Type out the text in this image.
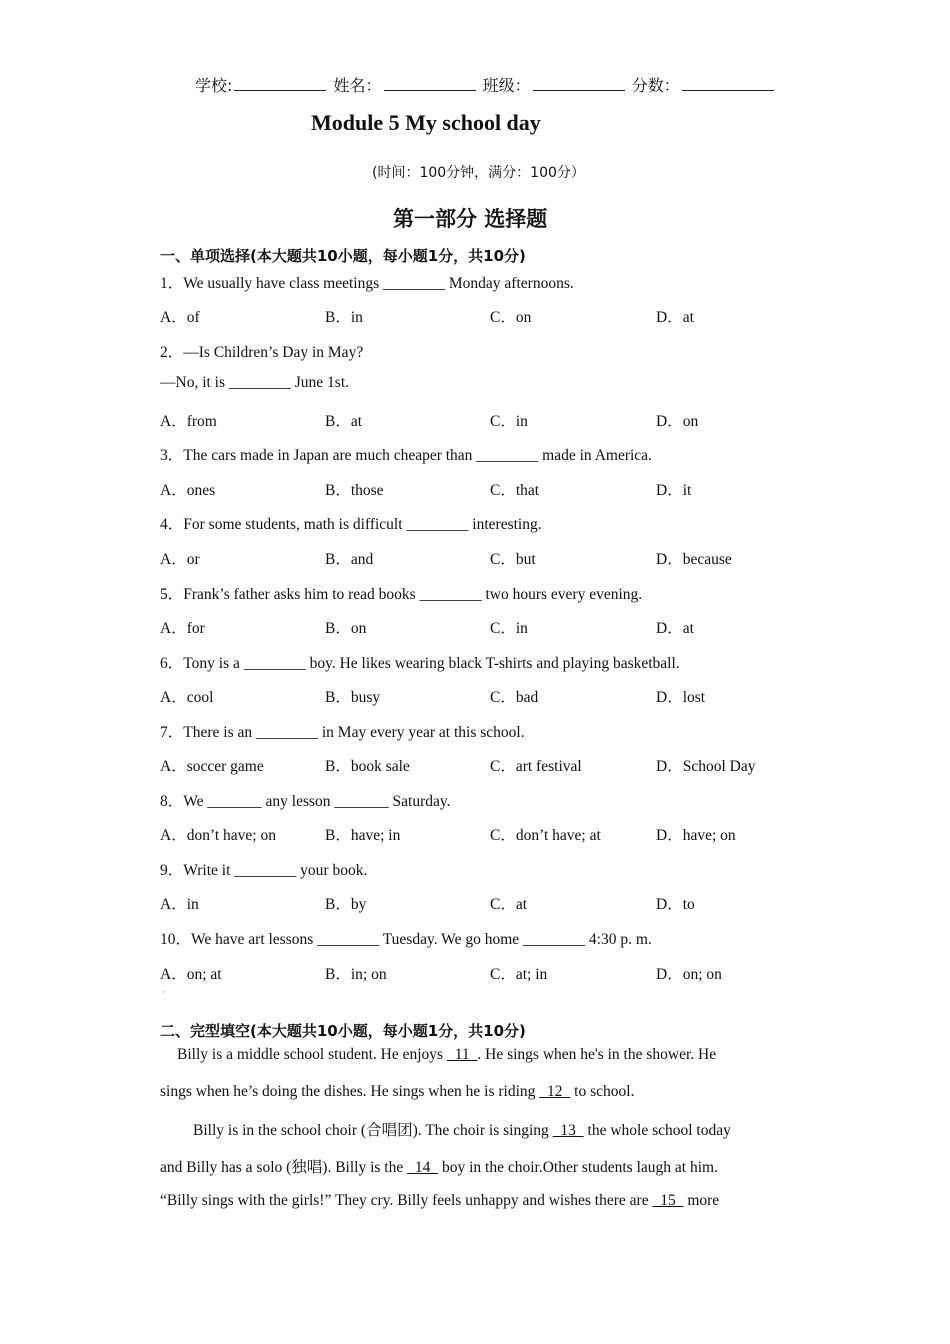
学校:	姓名：	班级：	分数：
Module 5 My school day
(时间：100分钟，满分：100分）
第一部分 选择题
一、单项选择(本大题共10小题，每小题1分，共10分)
1．We usually have class meetings ________ Monday afternoons.
A．of	B．in	C．on	D．at
2．—Is Children’s Day in May?
—No, it is ________ June 1st.
A．from	B．at	C．in	D．on
3．The cars made in Japan are much cheaper than ________ made in America.
A．ones	B．those	C．that	D．it
4．For some students, math is difficult ________ interesting.
A．or	B．and	C．but	D．because
5．Frank’s father asks him to read books ________ two hours every evening.
A．for	B．on	C．in	D．at
6．Tony is a ________ boy. He likes wearing black T-shirts and playing basketball.
A．cool	B．busy	C．bad	D．lost
7．There is an ________ in May every year at this school.
A．soccer game	B．book sale	C．art festival	D．School Day
8．We _______ any lesson _______ Saturday.
A．don’t have; on	B．have; in	C．don’t have; at	D．have; on
9．Write it ________ your book.
A．in	B．by	C．at	D．to
10．We have art lessons ________ Tuesday. We go home ________ 4:30 p. m.
A．on; at	B．in; on	C．at; in	D．on; on
ˇ
二、完型填空(本大题共10小题，每小题1分，共10分)
Billy is a middle school student. He enjoys   11  . He sings when he's in the shower. He
sings when he’s doing the dishes. He sings when he is riding   12   to school.
Billy is in the school choir (合唱团). The choir is singing   13   the whole school today
and Billy has a solo (独唱). Billy is the   14   boy in the choir.Other students laugh at him.
“Billy sings with the girls!” They cry. Billy feels unhappy and wishes there are   15   more
